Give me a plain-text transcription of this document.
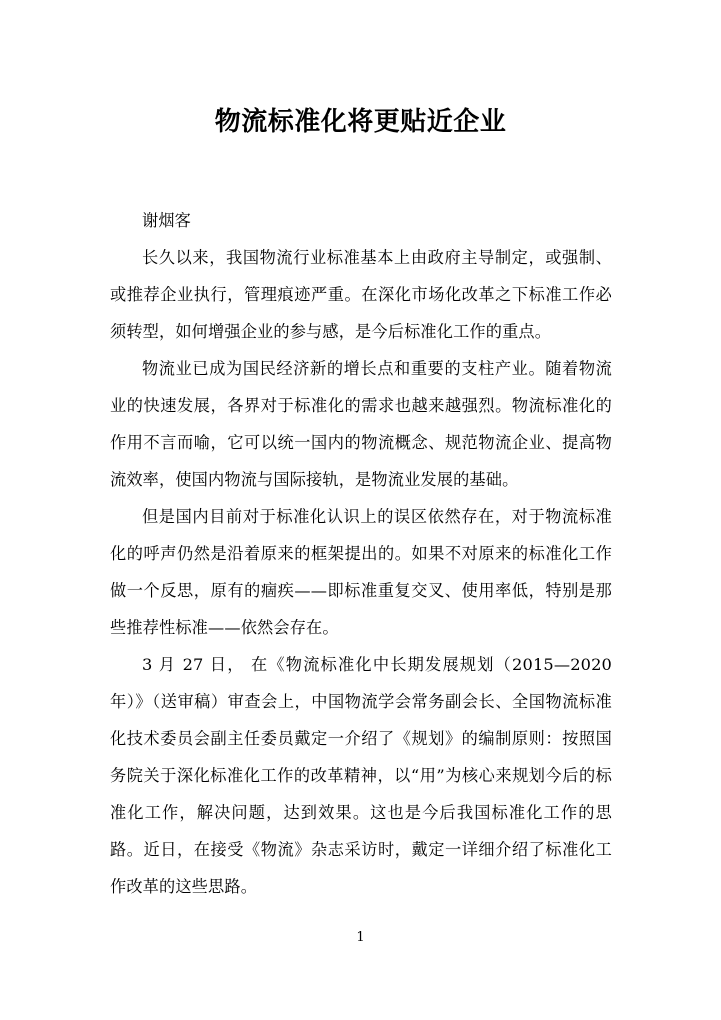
物流标准化将更贴近企业

谢烟客

长久以来，我国物流行业标准基本上由政府主导制定，或强制、或推荐企业执行，管理痕迹严重。在深化市场化改革之下标准工作必须转型，如何增强企业的参与感，是今后标准化工作的重点。

物流业已成为国民经济新的增长点和重要的支柱产业。随着物流业的快速发展，各界对于标准化的需求也越来越强烈。物流标准化的作用不言而喻，它可以统一国内的物流概念、规范物流企业、提高物流效率，使国内物流与国际接轨，是物流业发展的基础。

但是国内目前对于标准化认识上的误区依然存在，对于物流标准化的呼声仍然是沿着原来的框架提出的。如果不对原来的标准化工作做一个反思，原有的痼疾——即标准重复交叉、使用率低，特别是那些推荐性标准——依然会存在。

3 月 27 日， 在《物流标准化中长期发展规划（2015—2020 年）》（送审稿）审查会上，中国物流学会常务副会长、全国物流标准化技术委员会副主任委员戴定一介绍了《规划》的编制原则：按照国务院关于深化标准化工作的改革精神，以“用”为核心来规划今后的标准化工作，解决问题，达到效果。这也是今后我国标准化工作的思路。近日，在接受《物流》杂志采访时，戴定一详细介绍了标准化工作改革的这些思路。

1
